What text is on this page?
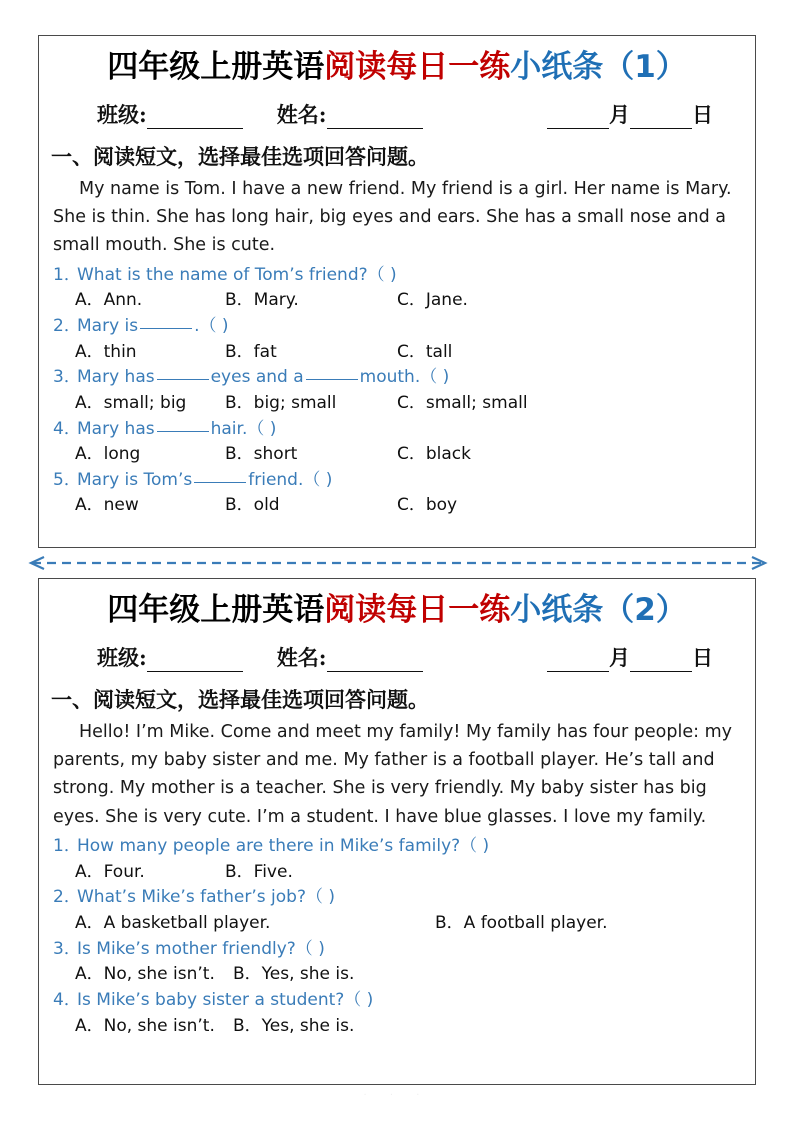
四年级上册英语阅读每日一练小纸条（1）
班级:	姓名:	月	日
一、阅读短文，选择最佳选项回答问题。
My name is Tom. I have a new friend. My friend is a girl. Her name is Mary. She is thin. She has long hair, big eyes and ears. She has a small nose and a small mouth. She is cute.
1．
What is the name of Tom’s friend?（ )
A．Ann.	B．Mary.	C．Jane.
2．
Mary is	.（ )
A．thin	B．fat	C．tall
3．
Mary has	eyes and a	mouth.（ )
A．small; big	B．big; small	C．small; small
4．
Mary has	hair.（ )
A．long	B．short	C．black
5．
Mary is Tom’s	friend.（ )
A．new	B．old	C．boy
四年级上册英语阅读每日一练小纸条（2）
班级:	姓名:	月	日
一、阅读短文，选择最佳选项回答问题。
Hello! I’m Mike. Come and meet my family! My family has four people: my parents, my baby sister and me. My father is a football player. He’s tall and strong. My mother is a teacher. She is very friendly. My baby sister has big eyes. She is very cute. I’m a student. I have blue glasses. I love my family.
1．
How many people are there in Mike’s family?（ )
A．Four.	B．Five.
2．
What’s Mike’s father’s job?（ )
A．A basketball player.	B．A football player.
3．
Is Mike’s mother friendly?（ )
A．No, she isn’t.	B．Yes, she is.
4．
Is Mike’s baby sister a student?（ )
A．No, she isn’t.	B．Yes, she is.
· · ·
